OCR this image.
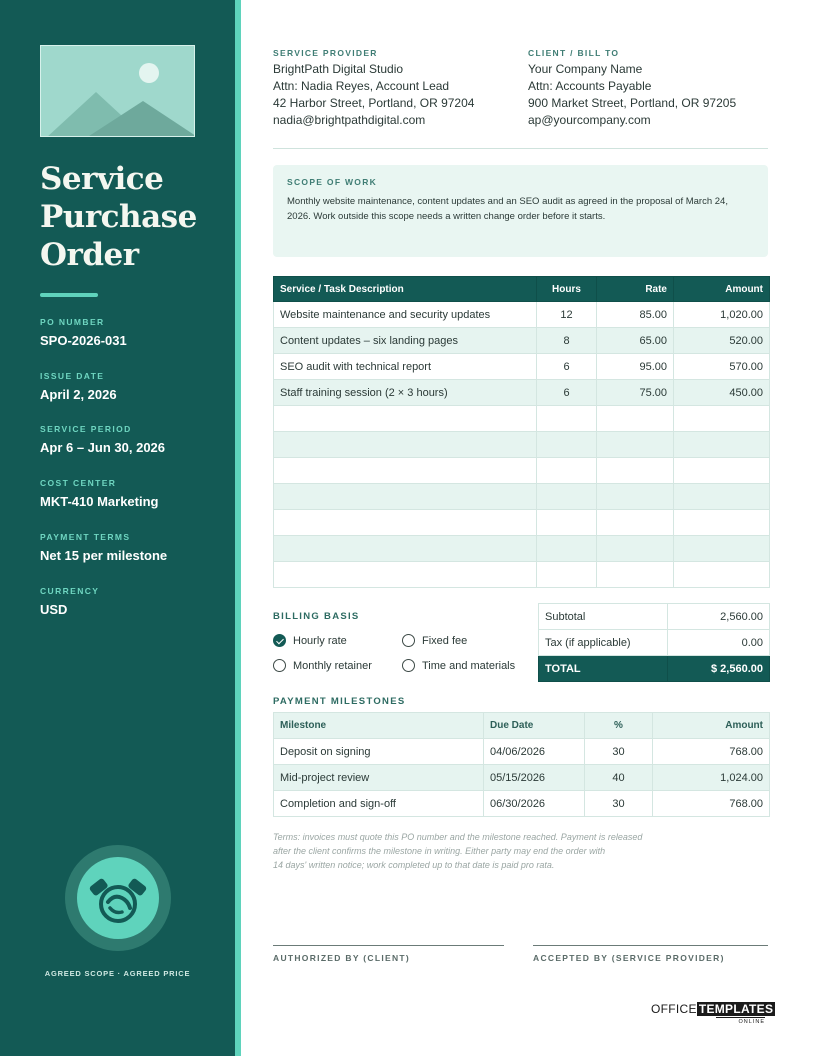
Service
Purchase
Order
PO NUMBER
SPO-2026-031
ISSUE DATE
April 2, 2026
SERVICE PERIOD
Apr 6 – Jun 30, 2026
COST CENTER
MKT-410 Marketing
PAYMENT TERMS
Net 15 per milestone
CURRENCY
USD
AGREED SCOPE · AGREED PRICE
SERVICE PROVIDER
BrightPath Digital Studio
Attn: Nadia Reyes, Account Lead
42 Harbor Street, Portland, OR 97204
nadia@brightpathdigital.com
CLIENT / BILL TO
Your Company Name
Attn: Accounts Payable
900 Market Street, Portland, OR 97205
ap@yourcompany.com
SCOPE OF WORK
Monthly website maintenance, content updates and an SEO audit as agreed in the proposal of March 24, 2026. Work outside this scope needs a written change order before it starts.
Service / Task Description	Hours	Rate	Amount
Website maintenance and security updates	12	85.00	1,020.00
Content updates – six landing pages	8	65.00	520.00
SEO audit with technical report	6	95.00	570.00
Staff training session (2 × 3 hours)	6	75.00	450.00

BILLING BASIS
Hourly rate	Fixed fee
Monthly retainer	Time and materials
Subtotal	2,560.00
Tax (if applicable)	0.00
TOTAL	$ 2,560.00
PAYMENT MILESTONES
Milestone	Due Date	%	Amount
Deposit on signing	04/06/2026	30	768.00
Mid-project review	05/15/2026	40	1,024.00
Completion and sign-off	06/30/2026	30	768.00
Terms: invoices must quote this PO number and the milestone reached. Payment is released
after the client confirms the milestone in writing. Either party may end the order with
14 days' written notice; work completed up to that date is paid pro rata.
AUTHORIZED BY (CLIENT)	ACCEPTED BY (SERVICE PROVIDER)
OFFICE TEMPLATES
ONLINE
